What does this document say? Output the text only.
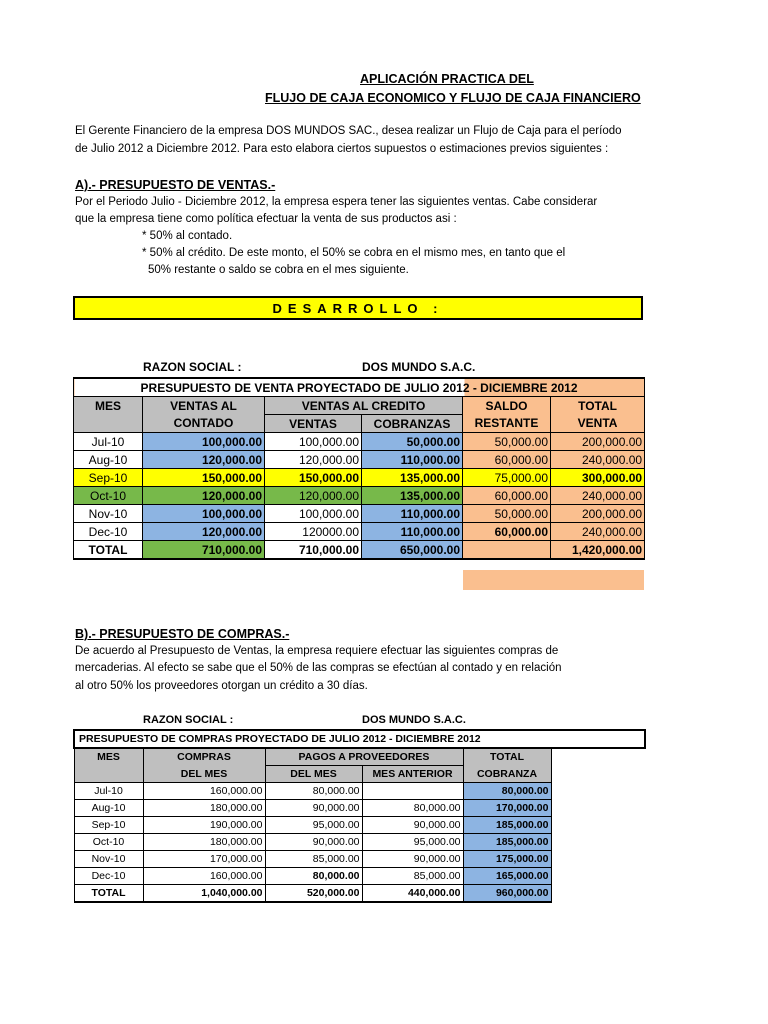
APLICACIÓN PRACTICA DEL
FLUJO DE CAJA ECONOMICO Y FLUJO DE CAJA FINANCIERO
El Gerente Financiero de la empresa DOS MUNDOS SAC., desea realizar un Flujo de Caja para el período
de Julio 2012 a Diciembre 2012. Para esto elabora ciertos supuestos o estimaciones previos siguientes :
A).- PRESUPUESTO DE VENTAS.-
Por el Periodo Julio - Diciembre 2012, la empresa espera tener las siguientes ventas. Cabe considerar
que la empresa tiene como política efectuar la venta de sus productos asi :
* 50% al contado.
* 50% al crédito. De este monto, el 50% se cobra en el mismo mes, en tanto que el
50% restante o saldo se cobra en el mes siguiente.
DESARROLLO :
RAZON SOCIAL :	DOS MUNDO S.A.C.
PRESUPUESTO DE VENTA PROYECTADO DE JULIO 2012 - DICIEMBRE 2012					
MES	VENTAS AL	VENTAS AL CREDITO		SALDO	TOTAL
	CONTADO	VENTAS	COBRANZAS	RESTANTE	VENTA
Jul-10	100,000.00	100,000.00	50,000.00	50,000.00	200,000.00
Aug-10	120,000.00	120,000.00	110,000.00	60,000.00	240,000.00
Sep-10	150,000.00	150,000.00	135,000.00	75,000.00	300,000.00
Oct-10	120,000.00	120,000.00	135,000.00	60,000.00	240,000.00
Nov-10	100,000.00	100,000.00	110,000.00	50,000.00	200,000.00
Dec-10	120,000.00	120000.00	110,000.00	60,000.00	240,000.00
TOTAL	710,000.00	710,000.00	650,000.00		1,420,000.00
B).- PRESUPUESTO DE COMPRAS.-
De acuerdo al Presupuesto de Ventas, la empresa requiere efectuar las siguientes compras de
mercaderias. Al efecto se sabe que el 50% de las compras se efectúan al contado y en relación
al otro 50% los proveedores otorgan un crédito a 30 días.
RAZON SOCIAL :	DOS MUNDO S.A.C.
PRESUPUESTO DE COMPRAS PROYECTADO DE JULIO 2012 - DICIEMBRE 2012					
MES	COMPRAS	PAGOS A PROVEEDORES		TOTAL	
	DEL MES	DEL MES	MES ANTERIOR	COBRANZA	
Jul-10	160,000.00	80,000.00		80,000.00	
Aug-10	180,000.00	90,000.00	80,000.00	170,000.00	
Sep-10	190,000.00	95,000.00	90,000.00	185,000.00	
Oct-10	180,000.00	90,000.00	95,000.00	185,000.00	
Nov-10	170,000.00	85,000.00	90,000.00	175,000.00	
Dec-10	160,000.00	80,000.00	85,000.00	165,000.00	
TOTAL	1,040,000.00	520,000.00	440,000.00	960,000.00	
